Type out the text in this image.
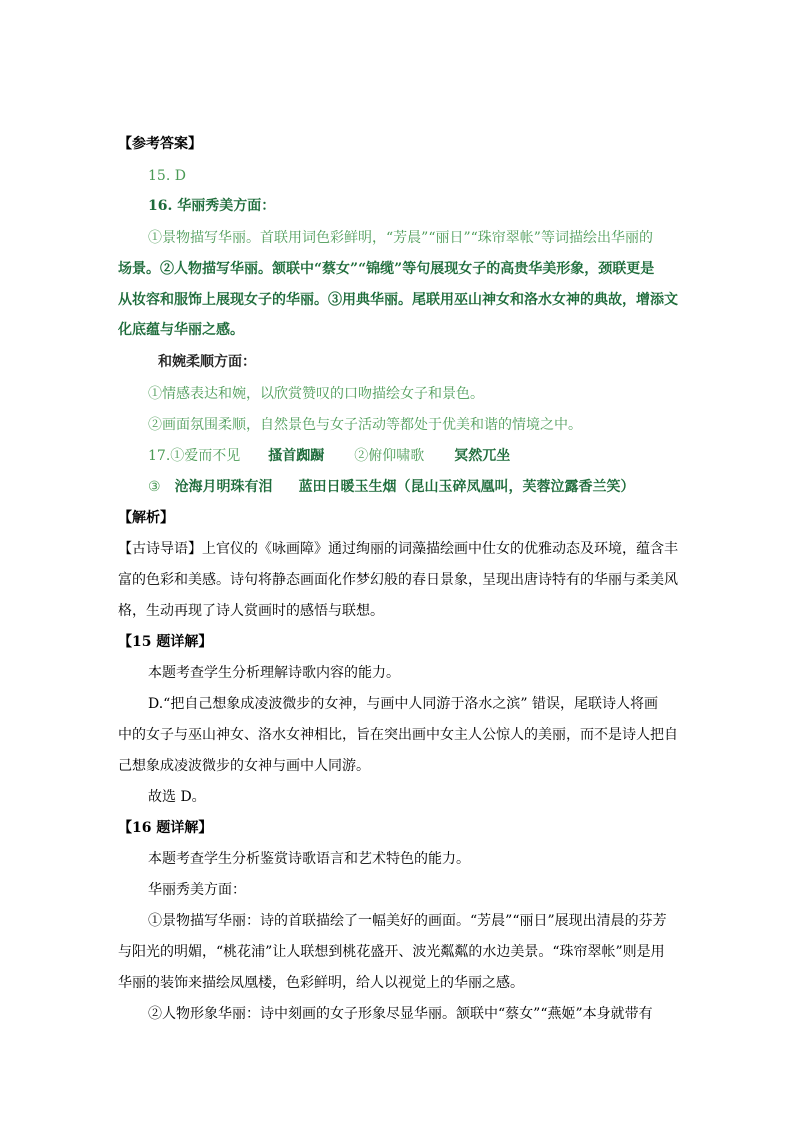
【参考答案】
15. D
16. 华丽秀美方面：
①景物描写华丽。首联用词色彩鲜明，“芳晨”“丽日”“珠帘翠帐”等词描绘出华丽的
场景。②人物描写华丽。颔联中“蔡女”“锦缆”等句展现女子的高贵华美形象，颈联更是
从妆容和服饰上展现女子的华丽。③用典华丽。尾联用巫山神女和洛水女神的典故，增添文
化底蕴与华丽之感。
和婉柔顺方面：
①情感表达和婉，以欣赏赞叹的口吻描绘女子和景色。
②画面氛围柔顺，自然景色与女子活动等都处于优美和谐的情境之中。
17.①爱而不见 搔首踟蹰 ②俯仰啸歌 冥然兀坐
③ 沧海月明珠有泪 蓝田日暖玉生烟（昆山玉碎凤凰叫，芙蓉泣露香兰笑）
【解析】
【古诗导语】上官仪的《咏画障》通过绚丽的词藻描绘画中仕女的优雅动态及环境，蕴含丰
富的色彩和美感。诗句将静态画面化作梦幻般的春日景象，呈现出唐诗特有的华丽与柔美风
格，生动再现了诗人赏画时的感悟与联想。
【15 题详解】
本题考查学生分析理解诗歌内容的能力。
D.“把自己想象成凌波微步的女神，与画中人同游于洛水之滨” 错误，尾联诗人将画
中的女子与巫山神女、洛水女神相比，旨在突出画中女主人公惊人的美丽，而不是诗人把自
己想象成凌波微步的女神与画中人同游。
故选 D。
【16 题详解】
本题考查学生分析鉴赏诗歌语言和艺术特色的能力。
华丽秀美方面：
①景物描写华丽：诗的首联描绘了一幅美好的画面。“芳晨”“丽日”展现出清晨的芬芳
与阳光的明媚，“桃花浦”让人联想到桃花盛开、波光粼粼的水边美景。“珠帘翠帐”则是用
华丽的装饰来描绘凤凰楼，色彩鲜明，给人以视觉上的华丽之感。
②人物形象华丽：诗中刻画的女子形象尽显华丽。颔联中“蔡女”“燕姬”本身就带有
